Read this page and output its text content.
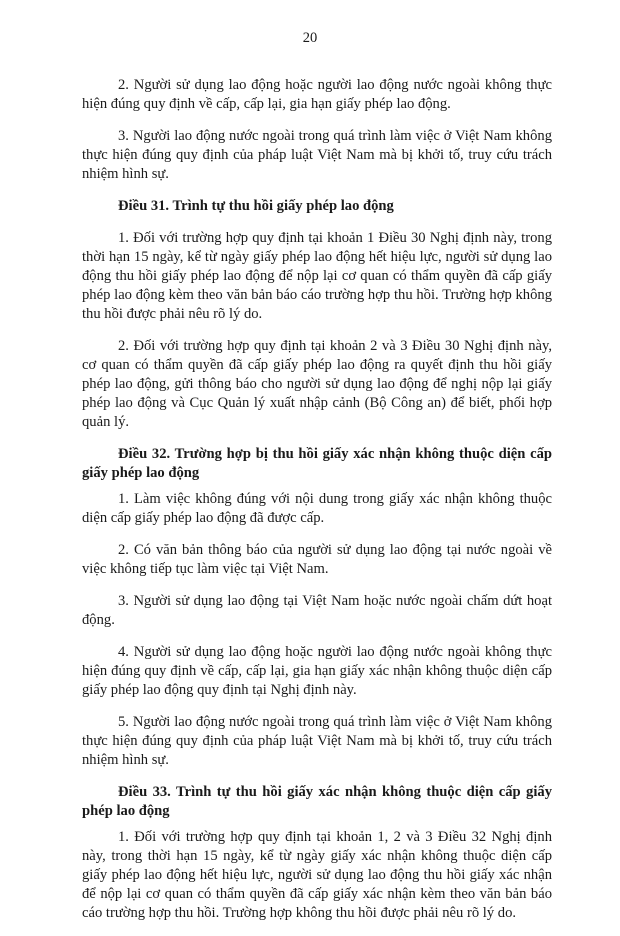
20

2. Người sử dụng lao động hoặc người lao động nước ngoài không thực hiện đúng quy định về cấp, cấp lại, gia hạn giấy phép lao động.

3. Người lao động nước ngoài trong quá trình làm việc ở Việt Nam không thực hiện đúng quy định của pháp luật Việt Nam mà bị khởi tố, truy cứu trách nhiệm hình sự.

Điều 31. Trình tự thu hồi giấy phép lao động

1. Đối với trường hợp quy định tại khoản 1 Điều 30 Nghị định này, trong thời hạn 15 ngày, kể từ ngày giấy phép lao động hết hiệu lực, người sử dụng lao động thu hồi giấy phép lao động để nộp lại cơ quan có thẩm quyền đã cấp giấy phép lao động kèm theo văn bản báo cáo trường hợp thu hồi. Trường hợp không thu hồi được phải nêu rõ lý do.

2. Đối với trường hợp quy định tại khoản 2 và 3 Điều 30 Nghị định này, cơ quan có thẩm quyền đã cấp giấy phép lao động ra quyết định thu hồi giấy phép lao động, gửi thông báo cho người sử dụng lao động để nghị nộp lại giấy phép lao động và Cục Quản lý xuất nhập cảnh (Bộ Công an) để biết, phối hợp quản lý.

Điều 32. Trường hợp bị thu hồi giấy xác nhận không thuộc diện cấp giấy phép lao động

1. Làm việc không đúng với nội dung trong giấy xác nhận không thuộc diện cấp giấy phép lao động đã được cấp.

2. Có văn bản thông báo của người sử dụng lao động tại nước ngoài về việc không tiếp tục làm việc tại Việt Nam.

3. Người sử dụng lao động tại Việt Nam hoặc nước ngoài chấm dứt hoạt động.

4. Người sử dụng lao động hoặc người lao động nước ngoài không thực hiện đúng quy định về cấp, cấp lại, gia hạn giấy xác nhận không thuộc diện cấp giấy phép lao động quy định tại Nghị định này.

5. Người lao động nước ngoài trong quá trình làm việc ở Việt Nam không thực hiện đúng quy định của pháp luật Việt Nam mà bị khởi tố, truy cứu trách nhiệm hình sự.

Điều 33. Trình tự thu hồi giấy xác nhận không thuộc diện cấp giấy phép lao động

1. Đối với trường hợp quy định tại khoản 1, 2 và 3 Điều 32 Nghị định này, trong thời hạn 15 ngày, kể từ ngày giấy xác nhận không thuộc diện cấp giấy phép lao động hết hiệu lực, người sử dụng lao động thu hồi giấy xác nhận để nộp lại cơ quan có thẩm quyền đã cấp giấy xác nhận kèm theo văn bản báo cáo trường hợp thu hồi. Trường hợp không thu hồi được phải nêu rõ lý do.
